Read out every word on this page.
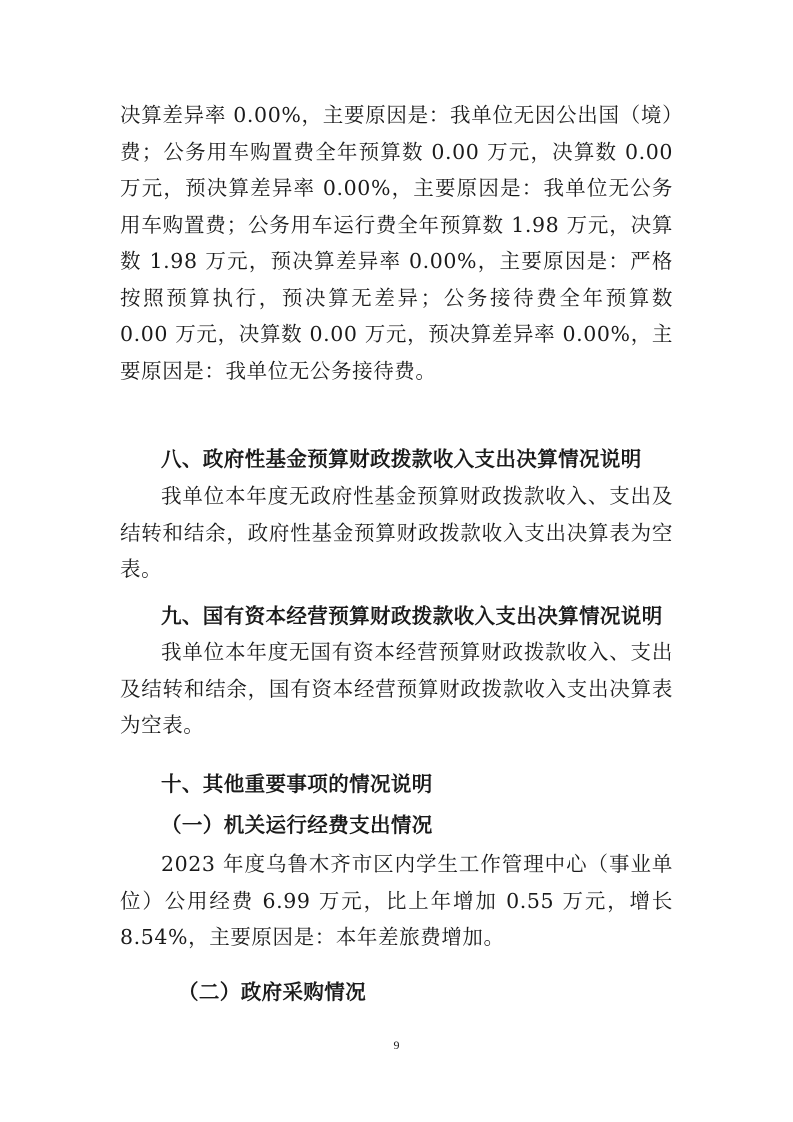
决算差异率 0.00%，主要原因是：我单位无因公出国（境）费；公务用车购置费全年预算数 0.00 万元，决算数 0.00 万元，预决算差异率 0.00%，主要原因是：我单位无公务用车购置费；公务用车运行费全年预算数 1.98 万元，决算数 1.98 万元，预决算差异率 0.00%，主要原因是：严格按照预算执行，预决算无差异；公务接待费全年预算数 0.00 万元，决算数 0.00 万元，预决算差异率 0.00%，主要原因是：我单位无公务接待费。

八、政府性基金预算财政拨款收入支出决算情况说明

我单位本年度无政府性基金预算财政拨款收入、支出及结转和结余，政府性基金预算财政拨款收入支出决算表为空表。

九、国有资本经营预算财政拨款收入支出决算情况说明

我单位本年度无国有资本经营预算财政拨款收入、支出及结转和结余，国有资本经营预算财政拨款收入支出决算表为空表。

十、其他重要事项的情况说明
（一）机关运行经费支出情况

2023 年度乌鲁木齐市区内学生工作管理中心（事业单位）公用经费 6.99 万元，比上年增加 0.55 万元，增长 8.54%，主要原因是：本年差旅费增加。

（二）政府采购情况
9
